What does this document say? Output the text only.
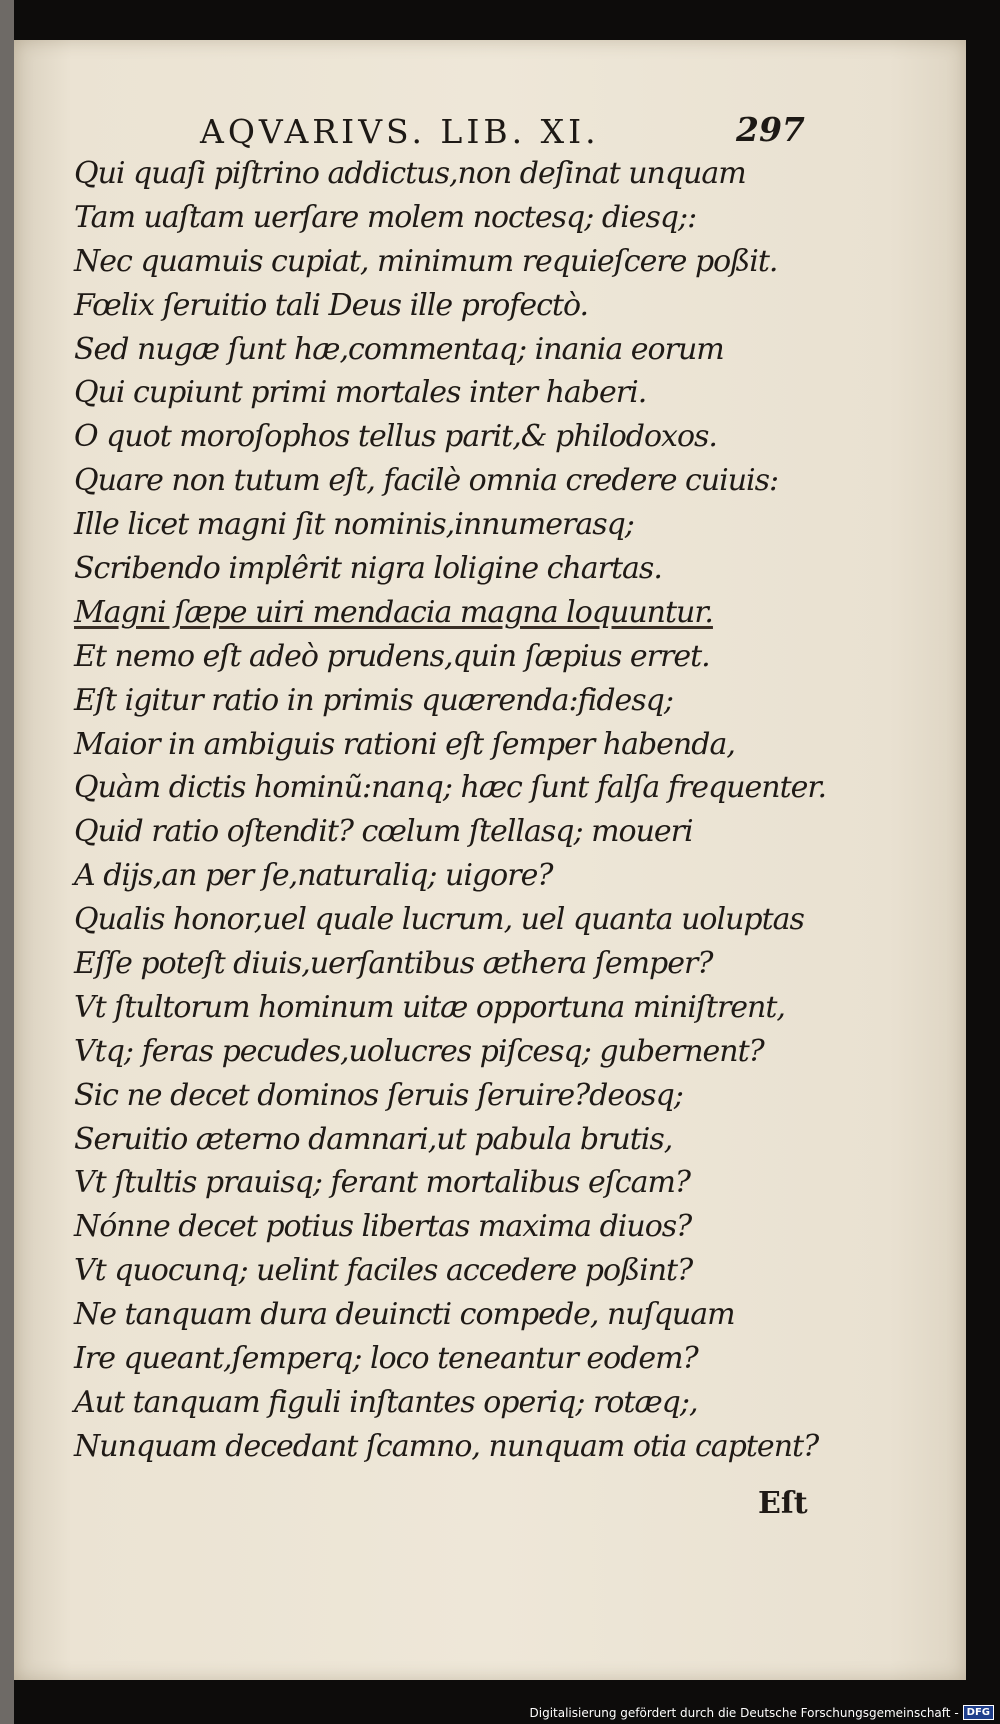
AQVARIVS. LIB. XI.	297
Qui quaſi piſtrino addictus,non deſinat unquam
Tam uaſtam uerſare molem noctesq; diesq;:
Nec quamuis cupiat, minimum requieſcere poßit.
Fœlix ſeruitio tali Deus ille profectò.
Sed nugæ ſunt hæ,commentaq; inania eorum
Qui cupiunt primi mortales inter haberi.
O quot moroſophos tellus parit,& philodoxos.
Quare non tutum eſt, facilè omnia credere cuiuis:
Ille licet magni ſit nominis,innumerasq;
Scribendo implêrit nigra loligine chartas.
Magni ſæpe uiri mendacia magna loquuntur.
Et nemo eſt adeò prudens,quin ſæpius erret.
Eſt igitur ratio in primis quærenda:fidesq;
Maior in ambiguis rationi eſt ſemper habenda,
Quàm dictis hominũ:nanq; hæc ſunt falſa frequenter.
Quid ratio oſtendit? cœlum ſtellasq; moueri
A dijs,an per ſe,naturaliq; uigore?
Qualis honor,uel quale lucrum, uel quanta uoluptas
Eſſe poteſt diuis,uerſantibus æthera ſemper?
Vt ſtultorum hominum uitæ opportuna miniſtrent,
Vtq; feras pecudes,uolucres piſcesq; gubernent?
Sic ne decet dominos ſeruis ſeruire?deosq;
Seruitio æterno damnari,ut pabula brutis,
Vt ſtultis prauisq; ferant mortalibus eſcam?
Nónne decet potius libertas maxima diuos?
Vt quocunq; uelint faciles accedere poßint?
Ne tanquam dura deuincti compede, nuſquam
Ire queant,ſemperq; loco teneantur eodem?
Aut tanquam figuli inſtantes operiq; rotæq;,
Nunquam decedant ſcamno, nunquam otia captent?
Eſt
Digitalisierung gefördert durch die Deutsche Forschungsgemeinschaft - DFG
